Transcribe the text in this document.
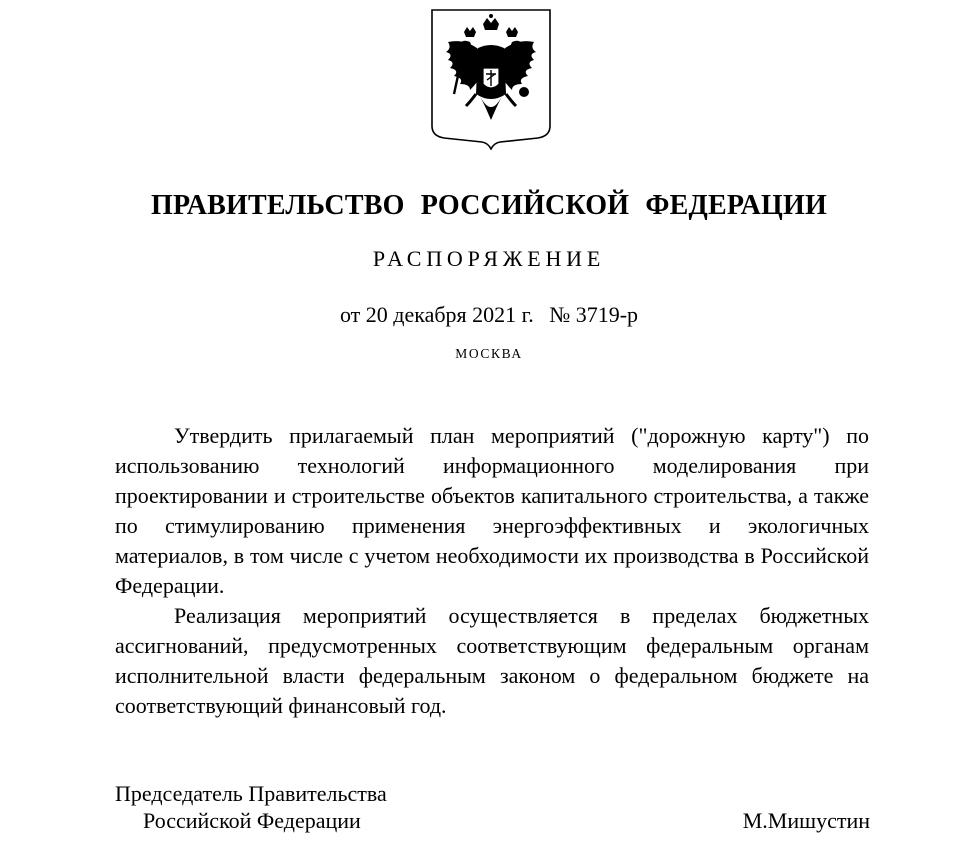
ПРАВИТЕЛЬСТВО РОССИЙСКОЙ ФЕДЕРАЦИИ
РАСПОРЯЖЕНИЕ
от 20 декабря 2021 г. № 3719-р
МОСКВА

Утвердить прилагаемый план мероприятий ("дорожную карту") по использованию технологий информационного моделирования при проектировании и строительстве объектов капитального строительства, а также по стимулированию применения энергоэффективных и экологичных материалов, в том числе с учетом необходимости их производства в Российской Федерации.

Реализация мероприятий осуществляется в пределах бюджетных ассигнований, предусмотренных соответствующим федеральным органам исполнительной власти федеральным законом о федеральном бюджете на соответствующий финансовый год.

Председатель Правительства
Российской Федерации	М.Мишустин
